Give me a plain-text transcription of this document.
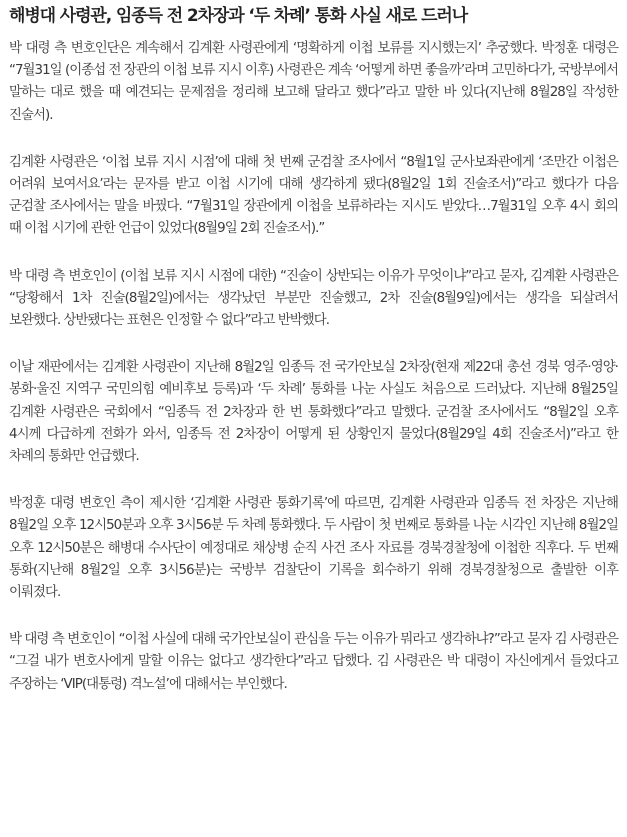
해병대 사령관, 임종득 전 2차장과 ‘두 차례’ 통화 사실 새로 드러나

박 대령 측 변호인단은 계속해서 김계환 사령관에게 ‘명확하게 이첩 보류를 지시했는지’ 추궁했다. 박정훈 대령은 “7월31일 (이종섭 전 장관의 이첩 보류 지시 이후) 사령관은 계속 ‘어떻게 하면 좋을까’라며 고민하다가, 국방부에서 말하는 대로 했을 때 예견되는 문제점을 정리해 보고해 달라고 했다”라고 말한 바 있다(지난해 8월28일 작성한 진술서).

김계환 사령관은 ‘이첩 보류 지시 시점’에 대해 첫 번째 군검찰 조사에서 “8월1일 군사보좌관에게 ‘조만간 이첩은 어려워 보여서요’라는 문자를 받고 이첩 시기에 대해 생각하게 됐다(8월2일 1회 진술조서)”라고 했다가 다음 군검찰 조사에서는 말을 바꿨다. “7월31일 장관에게 이첩을 보류하라는 지시도 받았다…7월31일 오후 4시 회의 때 이첩 시기에 관한 언급이 있었다(8월9일 2회 진술조서).”

박 대령 측 변호인이 (이첩 보류 지시 시점에 대한) “진술이 상반되는 이유가 무엇이냐”라고 묻자, 김계환 사령관은 “당황해서 1차 진술(8월2일)에서는 생각났던 부분만 진술했고, 2차 진술(8월9일)에서는 생각을 되살려서 보완했다. 상반됐다는 표현은 인정할 수 없다”라고 반박했다.

이날 재판에서는 김계환 사령관이 지난해 8월2일 임종득 전 국가안보실 2차장(현재 제22대 총선 경북 영주·영양·봉화·울진 지역구 국민의힘 예비후보 등록)과 ‘두 차례’ 통화를 나눈 사실도 처음으로 드러났다. 지난해 8월25일 김계환 사령관은 국회에서 “임종득 전 2차장과 한 번 통화했다”라고 말했다. 군검찰 조사에서도 “8월2일 오후 4시께 다급하게 전화가 와서, 임종득 전 2차장이 어떻게 된 상황인지 물었다(8월29일 4회 진술조서)”라고 한 차례의 통화만 언급했다.

박정훈 대령 변호인 측이 제시한 ‘김계환 사령관 통화기록’에 따르면, 김계환 사령관과 임종득 전 차장은 지난해 8월2일 오후 12시50분과 오후 3시56분 두 차례 통화했다. 두 사람이 첫 번째로 통화를 나눈 시각인 지난해 8월2일 오후 12시50분은 해병대 수사단이 예정대로 채상병 순직 사건 조사 자료를 경북경찰청에 이첩한 직후다. 두 번째 통화(지난해 8월2일 오후 3시56분)는 국방부 검찰단이 기록을 회수하기 위해 경북경찰청으로 출발한 이후 이뤄졌다.

박 대령 측 변호인이 “이첩 사실에 대해 국가안보실이 관심을 두는 이유가 뭐라고 생각하냐?”라고 묻자 김 사령관은 “그걸 내가 변호사에게 말할 이유는 없다고 생각한다”라고 답했다. 김 사령관은 박 대령이 자신에게서 들었다고 주장하는 ‘VIP(대통령) 격노설’에 대해서는 부인했다.
